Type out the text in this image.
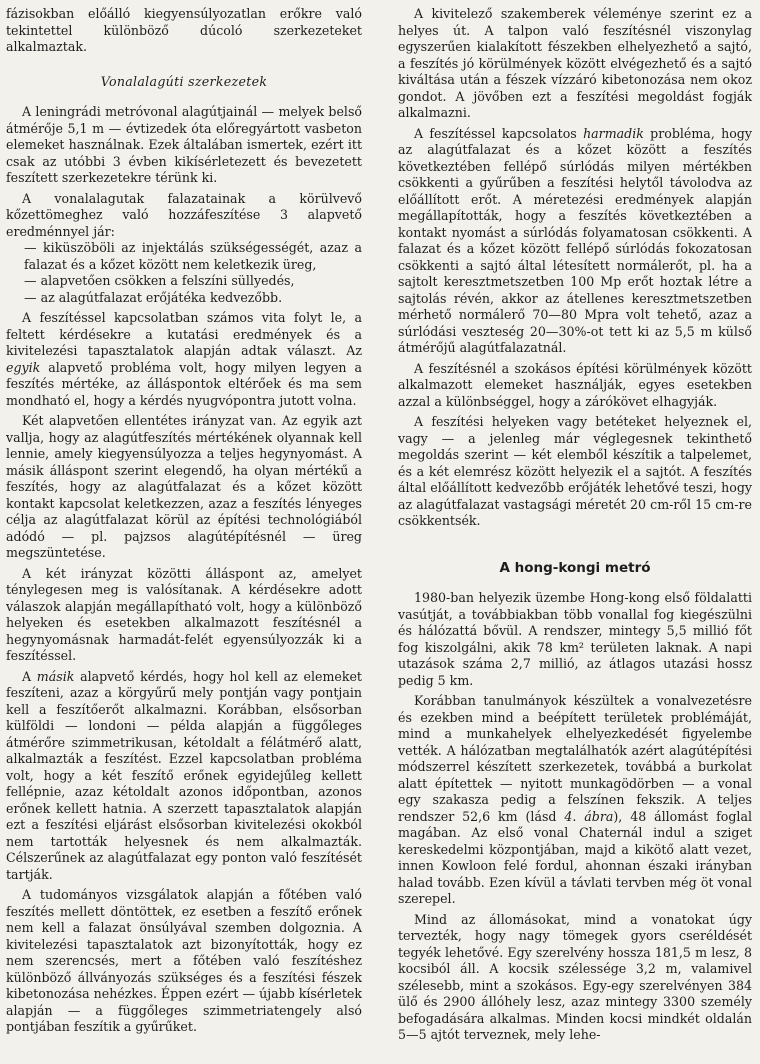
fázisokban előálló kiegyensúlyozatlan erőkre való tekintettel különböző dúcoló szerkezeteket alkalmaztak.

Vonalalagúti szerkezetek

A leningrádi metróvonal alagútjainál — melyek belső átmérője 5,1 m — évtizedek óta előregyártott vasbeton elemeket használnak. Ezek általában ismertek, ezért itt csak az utóbbi 3 évben kikísérletezett és bevezetett feszített szerkezetekre térünk ki.

A vonalalagutak falazatainak a körülvevő kőzettömeghez való hozzáfeszítése 3 alapvető eredménnyel jár:

— kiküszöböli az injektálás szükségességét, azaz a falazat és a kőzet között nem keletkezik üreg,

— alapvetően csökken a felszíni süllyedés,

— az alagútfalazat erőjátéka kedvezőbb.

A feszítéssel kapcsolatban számos vita folyt le, a feltett kérdésekre a kutatási eredmények és a kivitelezési tapasztalatok alapján adtak választ. Az egyik alapvető probléma volt, hogy milyen legyen a feszítés mértéke, az álláspontok eltérőek és ma sem mondható el, hogy a kérdés nyugvópontra jutott volna.

Két alapvetően ellentétes irányzat van. Az egyik azt vallja, hogy az alagútfeszítés mértékének olyannak kell lennie, amely kiegyensúlyozza a teljes hegynyomást. A másik álláspont szerint elegendő, ha olyan mértékű a feszítés, hogy az alagútfalazat és a kőzet között kontakt kapcsolat keletkezzen, azaz a feszítés lényeges célja az alagútfalazat körül az építési technológiából adódó — pl. pajzsos alagútépítésnél — üreg megszüntetése.

A két irányzat közötti álláspont az, amelyet ténylegesen meg is valósítanak. A kérdésekre adott válaszok alapján megállapítható volt, hogy a különböző helyeken és esetekben alkalmazott feszítésnél a hegynyomásnak harmadát-felét egyensúlyozzák ki a feszítéssel.

A másik alapvető kérdés, hogy hol kell az elemeket feszíteni, azaz a körgyűrű mely pontján vagy pontjain kell a feszítőerőt alkalmazni. Korábban, elsősorban külföldi — londoni — példa alapján a függőleges átmérőre szimmetrikusan, kétoldalt a félátmérő alatt, alkalmazták a feszítést. Ezzel kapcsolatban probléma volt, hogy a két feszítő erőnek egyidejűleg kellett fellépnie, azaz kétoldalt azonos időpontban, azonos erőnek kellett hatnia. A szerzett tapasztalatok alapján ezt a feszítési eljárást elsősorban kivitelezési okokból nem tartották helyesnek és nem alkalmazták. Célszerűnek az alagútfalazat egy ponton való feszítését tartják.

A tudományos vizsgálatok alapján a főtében való feszítés mellett döntöttek, ez esetben a feszítő erőnek nem kell a falazat önsúlyával szemben dolgoznia. A kivitelezési tapasztalatok azt bizonyították, hogy ez nem szerencsés, mert a főtében való feszítéshez különböző állványozás szükséges és a feszítési fészek kibetonozása nehézkes. Éppen ezért — újabb kísérletek alapján — a függőleges szimmetriatengely alsó pontjában feszítik a gyűrűket.

A kivitelező szakemberek véleménye szerint ez a helyes út. A talpon való feszítésnél viszonylag egyszerűen kialakított fészekben elhelyezhető a sajtó, a feszítés jó körülmények között elvégezhető és a sajtó kiváltása után a fészek vízzáró kibetonozása nem okoz gondot. A jövőben ezt a feszítési megoldást fogják alkalmazni.

A feszítéssel kapcsolatos harmadik probléma, hogy az alagútfalazat és a kőzet között a feszítés következtében fellépő súrlódás milyen mértékben csökkenti a gyűrűben a feszítési helytől távolodva az előállított erőt. A méretezési eredmények alapján megállapították, hogy a feszítés következtében a kontakt nyomást a súrlódás folyamatosan csökkenti. A falazat és a kőzet között fellépő súrlódás fokozatosan csökkenti a sajtó által létesített normálerőt, pl. ha a sajtolt keresztmetszetben 100 Mp erőt hoztak létre a sajtolás révén, akkor az átellenes keresztmetszetben mérhető normálerő 70—80 Mpra volt tehető, azaz a súrlódási veszteség 20—30%-ot tett ki az 5,5 m külső átmérőjű alagútfalazatnál.

A feszítésnél a szokásos építési körülmények között alkalmazott elemeket használják, egyes esetekben azzal a különbséggel, hogy a zárókövet elhagyják.

A feszítési helyeken vagy betéteket helyeznek el, vagy — a jelenleg már véglegesnek tekinthető megoldás szerint — két elemből készítik a talpelemet, és a két elemrész között helyezik el a sajtót. A feszítés által előállított kedvezőbb erőjáték lehetővé teszi, hogy az alagútfalazat vastagsági méretét 20 cm-ről 15 cm-re csökkentsék.

A hong-kongi metró

1980-ban helyezik üzembe Hong-kong első földalatti vasútját, a továbbiakban több vonallal fog kiegészülni és hálózattá bővül. A rendszer, mintegy 5,5 millió főt fog kiszolgálni, akik 78 km² területen laknak. A napi utazások száma 2,7 millió, az átlagos utazási hossz pedig 5 km.

Korábban tanulmányok készültek a vonalvezetésre és ezekben mind a beépített területek problémáját, mind a munkahelyek elhelyezkedését figyelembe vették. A hálózatban megtalálhatók azért alagútépítési módszerrel készített szerkezetek, továbbá a burkolat alatt építettek — nyitott munkagödörben — a vonal egy szakasza pedig a felszínen fekszik. A teljes rendszer 52,6 km (lásd 4. ábra), 48 állomást foglal magában. Az első vonal Chaternál indul a sziget kereskedelmi központjában, majd a kikötő alatt vezet, innen Kowloon felé fordul, ahonnan északi irányban halad tovább. Ezen kívül a távlati tervben még öt vonal szerepel.

Mind az állomásokat, mind a vonatokat úgy tervezték, hogy nagy tömegek gyors cseréldését tegyék lehetővé. Egy szerelvény hossza 181,5 m lesz, 8 kocsiból áll. A kocsik szélessége 3,2 m, valamivel szélesebb, mint a szokásos. Egy-egy szerelvényen 384 ülő és 2900 állóhely lesz, azaz mintegy 3300 személy befogadására alkalmas. Minden kocsi mindkét oldalán 5—5 ajtót terveznek, mely lehe-
